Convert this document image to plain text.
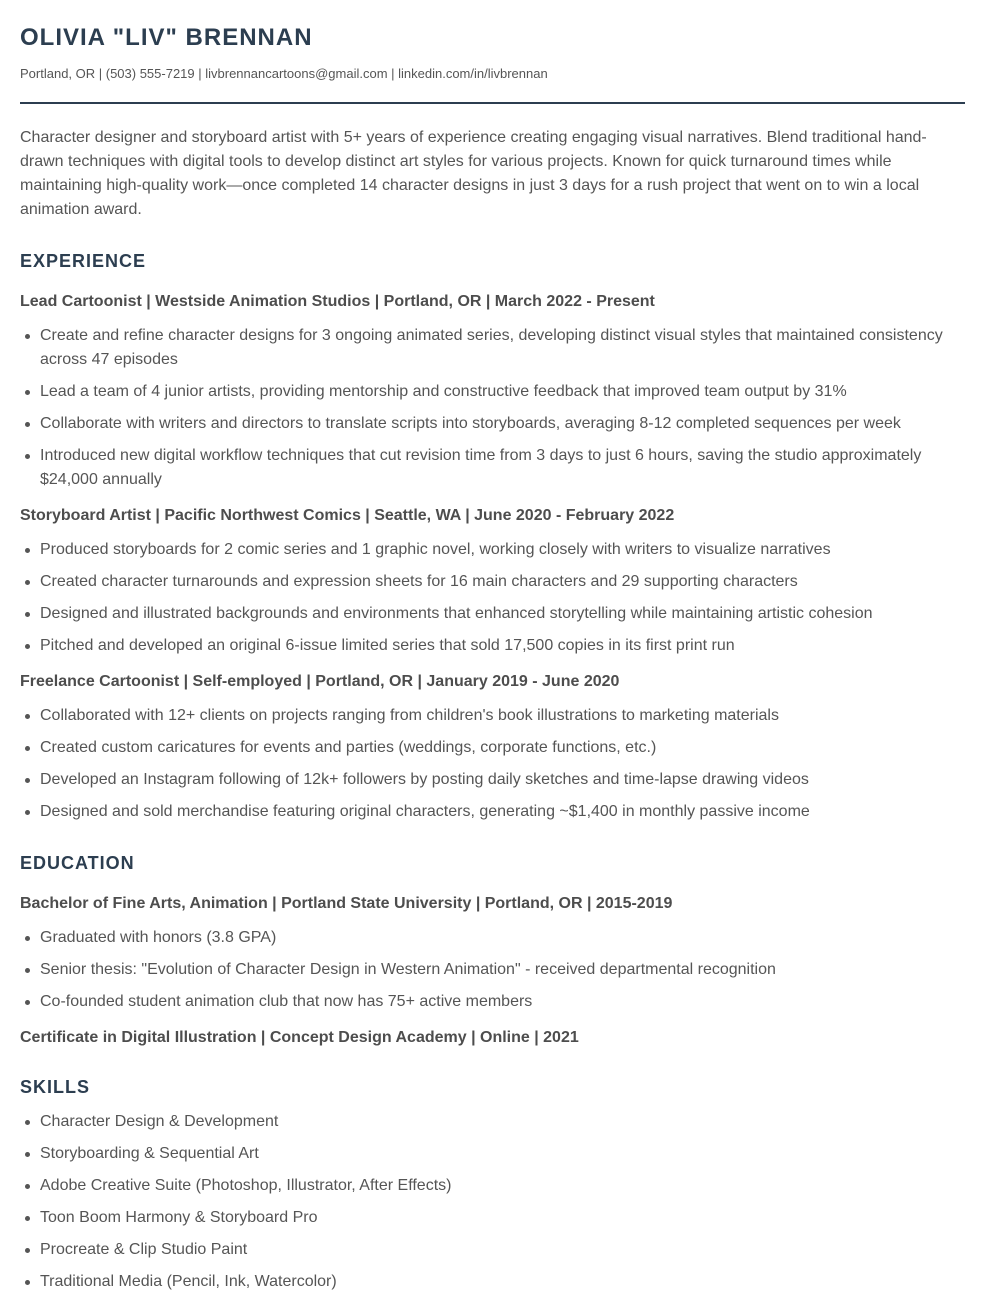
OLIVIA "LIV" BRENNAN
Portland, OR | (503) 555-7219 | livbrennancartoons@gmail.com | linkedin.com/in/livbrennan

Character designer and storyboard artist with 5+ years of experience creating engaging visual narratives. Blend traditional hand-drawn techniques with digital tools to develop distinct art styles for various projects. Known for quick turnaround times while maintaining high-quality work—once completed 14 character designs in just 3 days for a rush project that went on to win a local animation award.

EXPERIENCE
Lead Cartoonist | Westside Animation Studios | Portland, OR | March 2022 - Present
Create and refine character designs for 3 ongoing animated series, developing distinct visual styles that maintained consistency across 47 episodes
Lead a team of 4 junior artists, providing mentorship and constructive feedback that improved team output by 31%
Collaborate with writers and directors to translate scripts into storyboards, averaging 8-12 completed sequences per week
Introduced new digital workflow techniques that cut revision time from 3 days to just 6 hours, saving the studio approximately $24,000 annually
Storyboard Artist | Pacific Northwest Comics | Seattle, WA | June 2020 - February 2022
Produced storyboards for 2 comic series and 1 graphic novel, working closely with writers to visualize narratives
Created character turnarounds and expression sheets for 16 main characters and 29 supporting characters
Designed and illustrated backgrounds and environments that enhanced storytelling while maintaining artistic cohesion
Pitched and developed an original 6-issue limited series that sold 17,500 copies in its first print run
Freelance Cartoonist | Self-employed | Portland, OR | January 2019 - June 2020
Collaborated with 12+ clients on projects ranging from children's book illustrations to marketing materials
Created custom caricatures for events and parties (weddings, corporate functions, etc.)
Developed an Instagram following of 12k+ followers by posting daily sketches and time-lapse drawing videos
Designed and sold merchandise featuring original characters, generating ~$1,400 in monthly passive income
EDUCATION
Bachelor of Fine Arts, Animation | Portland State University | Portland, OR | 2015-2019
Graduated with honors (3.8 GPA)
Senior thesis: "Evolution of Character Design in Western Animation" - received departmental recognition
Co-founded student animation club that now has 75+ active members
Certificate in Digital Illustration | Concept Design Academy | Online | 2021
SKILLS
Character Design & Development
Storyboarding & Sequential Art
Adobe Creative Suite (Photoshop, Illustrator, After Effects)
Toon Boom Harmony & Storyboard Pro
Procreate & Clip Studio Paint
Traditional Media (Pencil, Ink, Watercolor)
